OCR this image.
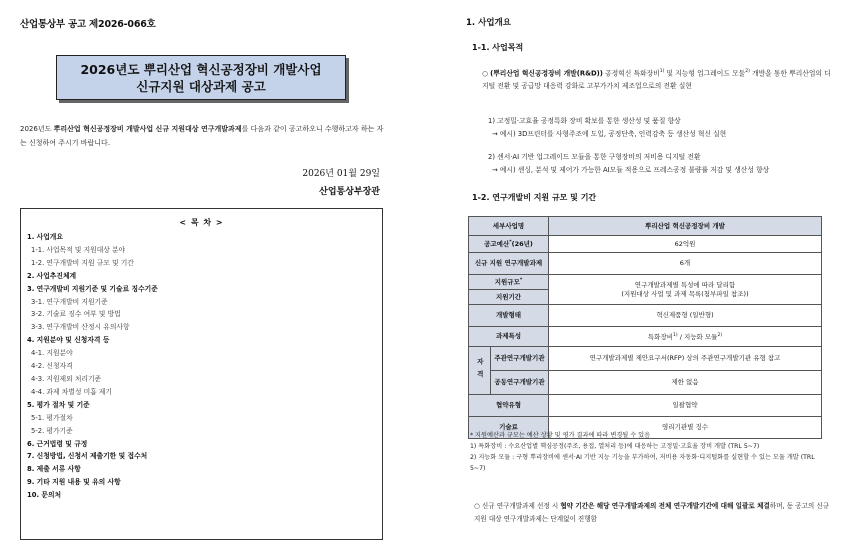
산업통상부 공고 제2026-066호
2026년도 뿌리산업 혁신공정장비 개발사업
신규지원 대상과제 공고
2026년도 뿌리산업 혁신공정장비 개발사업 신규 지원대상 연구개발과제를 다음과 같이 공고하오니 수행하고자 하는 자는 신청하여 주시기 바랍니다.
2026년 01월 29일
산업통상부장관
< 목 차 >
1. 사업개요
1-1. 사업목적 및 지원대상 분야
1-2. 연구개발비 지원 규모 및 기간
2. 사업추진체계
3. 연구개발비 지원기준 및 기술료 징수기준
3-1. 연구개발비 지원기준
3-2. 기술료 징수 여부 및 방법
3-3. 연구개발비 산정시 유의사항
4. 지원분야 및 신청자격 등
4-1. 지원분야
4-2. 신청자격
4-3. 지원제외 처리기준
4-4. 과제 차별성 미흡 제기
5. 평가 절차 및 기준
5-1. 평가절차
5-2. 평가기준
6. 근거법령 및 규정
7. 신청방법, 신청서 제출기한 및 접수처
8. 제출 서류 사항
9. 기타 지원 내용 및 유의 사항
10. 문의처
1. 사업개요
1-1. 사업목적
○ (뿌리산업 혁신공정장비 개발(R&D)) 공정혁신 특화장비$^{1)}$ 및 지능형 업그레이드 모듈$^{2)}$ 개발을 통한 뿌리산업의 디지털 전환 및 공급망 대응력 강화로 고부가가치 제조업으로의 전환 실현
1) 고정밀·고효율 공정특화 장비 확보를 통한 생산성 및 품질 향상
→ 예시) 3D프린터를 사형주조에 도입, 공정단축, 인력감축 등 생산성 혁신 실현
2) 센서·AI 기반 업그레이드 모듈을 통한 구형장비의 저비용 디지털 전환
→ 예시) 센싱, 분석 및 제어가 가능한 AI모듈 적용으로 프레스공정 불량률 저감 및 생산성 향상
1-2. 연구개발비 지원 규모 및 기간
세부사업명		뿌리산업 혁신공정장비 개발
공고예산*(26년)		62억원
신규 지원 연구개발과제		6개
지원규모*		연구개발과제별 특성에 따라 달리함
(지원대상 사업 및 과제 목록(첨부파일 참조))

지원기간		
개발형태		혁신제품형 (일반형)
과제특성		특화장비$^{1)}$ / 지능화 모듈$^{2)}$
자격	주관연구개발기관	연구개발과제별 제안요구서(RFP) 상의 주관연구개발기관 유형 참고
	공동연구개발기관	제한 없음
협약유형		일괄협약
기술료		영리기관별 징수
* 지원예산과 규모는 예산 상황 및 평가 결과에 따라 변경될 수 있음
1) 특화장비 : 수요산업별 핵심공정(주조, 용접, 열처리 등)에 대응하는 고정밀·고효율 장비 개발 (TRL 5~7)
2) 지능화 모듈 : 구형 뿌리장비에 센서·AI 기반 지능 기능을 부가하여, 저비용 자동화·디지털화를 실현할 수 있는 모듈 개발 (TRL 5~7)
○ 신규 연구개발과제 선정 시 협약 기간은 해당 연구개발과제의 전체 연구개발기간에 대해 일괄로 체결하며, 동 공고의 신규지원 대상 연구개발과제는 단계없이 진행함
